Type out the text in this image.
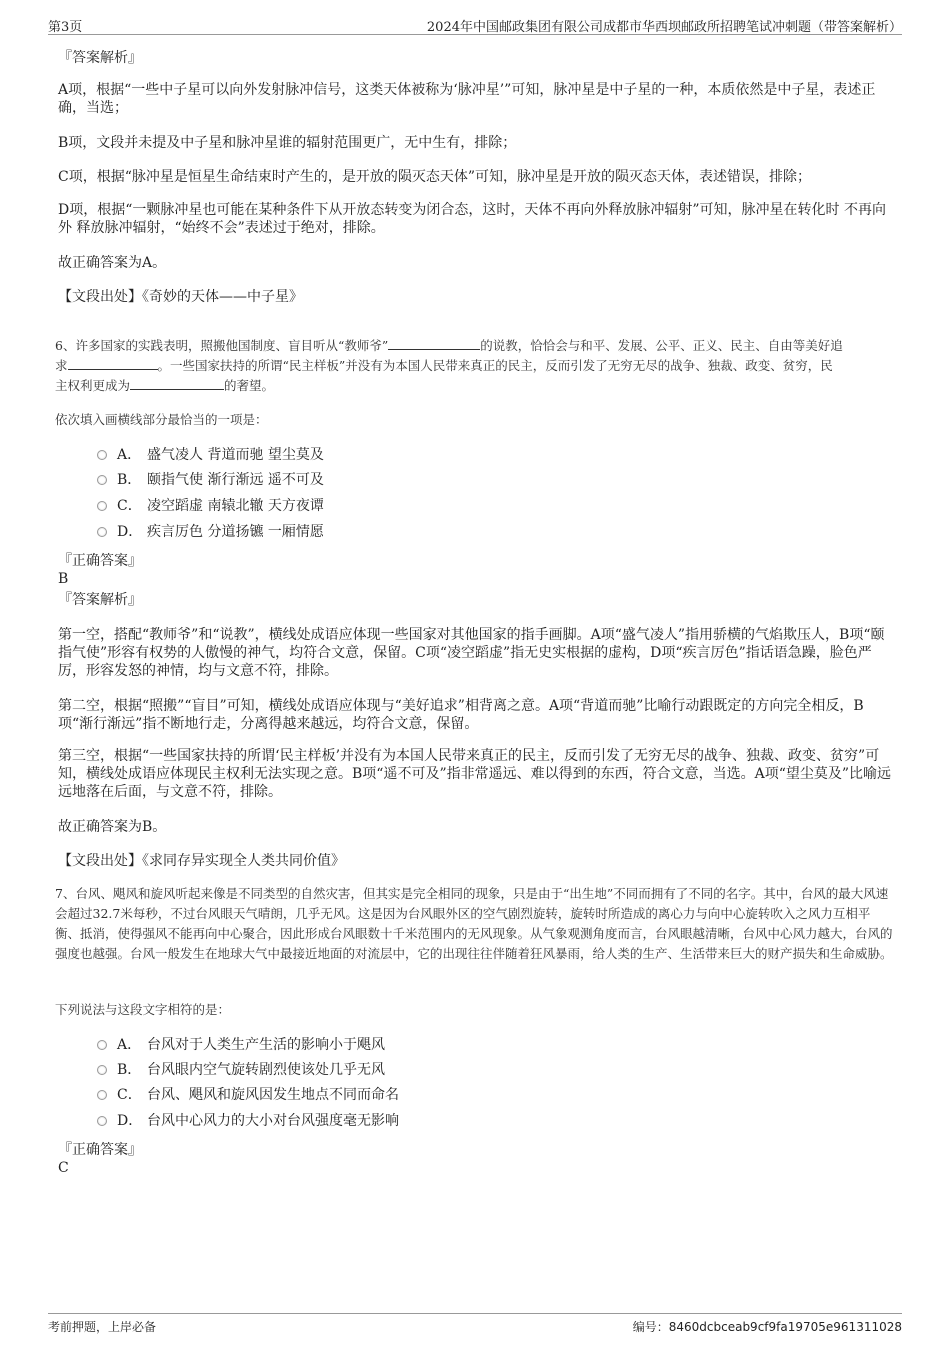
第3页	2024年中国邮政集团有限公司成都市华西坝邮政所招聘笔试冲刺题（带答案解析）
『答案解析』
A项，根据“一些中子星可以向外发射脉冲信号，这类天体被称为‘脉冲星’”可知，脉冲星是中子星的一种，本质依然是中子星，表述正确，当选；
B项，文段并未提及中子星和脉冲星谁的辐射范围更广，无中生有，排除；
C项，根据“脉冲星是恒星生命结束时产生的，是开放的陨灭态天体”可知，脉冲星是开放的陨灭态天体，表述错误，排除；
D项，根据“一颗脉冲星也可能在某种条件下从开放态转变为闭合态，这时，天体不再向外释放脉冲辐射”可知，脉冲星在转化时 不再向外 释放脉冲辐射，“始终不会”表述过于绝对，排除。
故正确答案为A。
【文段出处】《奇妙的天体——中子星》
6、许多国家的实践表明，照搬他国制度、盲目听从“教师爷”	的说教，恰恰会与和平、发展、公平、正义、民主、自由等美好追
求	。一些国家扶持的所谓“民主样板”并没有为本国人民带来真正的民主，反而引发了无穷无尽的战争、独裁、政变、贫穷，民
主权利更成为	的奢望。
依次填入画横线部分最恰当的一项是：
A． 盛气凌人 背道而驰 望尘莫及
B． 颐指气使 渐行渐远 遥不可及
C． 凌空蹈虚 南辕北辙 天方夜谭
D． 疾言厉色 分道扬镳 一厢情愿
『正确答案』
B
『答案解析』
第一空，搭配“教师爷”和“说教”，横线处成语应体现一些国家对其他国家的指手画脚。A项“盛气凌人”指用骄横的气焰欺压人，B项“颐指气使”形容有权势的人傲慢的神气，均符合文意，保留。C项“凌空蹈虚”指无史实根据的虚构，D项“疾言厉色”指话语急躁，脸色严厉，形容发怒的神情，均与文意不符，排除。
第二空，根据“照搬”“盲目”可知，横线处成语应体现与“美好追求”相背离之意。A项“背道而驰”比喻行动跟既定的方向完全相反，B项“渐行渐远”指不断地行走，分离得越来越远，均符合文意，保留。
第三空，根据“一些国家扶持的所谓‘民主样板’并没有为本国人民带来真正的民主，反而引发了无穷无尽的战争、独裁、政变、贫穷”可知，横线处成语应体现民主权利无法实现之意。B项“遥不可及”指非常遥远、难以得到的东西，符合文意，当选。A项“望尘莫及”比喻远远地落在后面，与文意不符，排除。
故正确答案为B。
【文段出处】《求同存异实现全人类共同价值》
7、台风、飓风和旋风听起来像是不同类型的自然灾害，但其实是完全相同的现象，只是由于“出生地”不同而拥有了不同的名字。其中，台风的最大风速会超过32.7米每秒，不过台风眼天气晴朗，几乎无风。这是因为台风眼外区的空气剧烈旋转，旋转时所造成的离心力与向中心旋转吹入之风力互相平衡、抵消，使得强风不能再向中心聚合，因此形成台风眼数十千米范围内的无风现象。从气象观测角度而言，台风眼越清晰，台风中心风力越大，台风的强度也越强。台风一般发生在地球大气中最接近地面的对流层中，它的出现往往伴随着狂风暴雨，给人类的生产、生活带来巨大的财产损失和生命威胁。
下列说法与这段文字相符的是：
A． 台风对于人类生产生活的影响小于飓风
B． 台风眼内空气旋转剧烈使该处几乎无风
C． 台风、飓风和旋风因发生地点不同而命名
D． 台风中心风力的大小对台风强度毫无影响
『正确答案』
C
考前押题，上岸必备	编号：8460dcbceab9cf9fa19705e961311028
